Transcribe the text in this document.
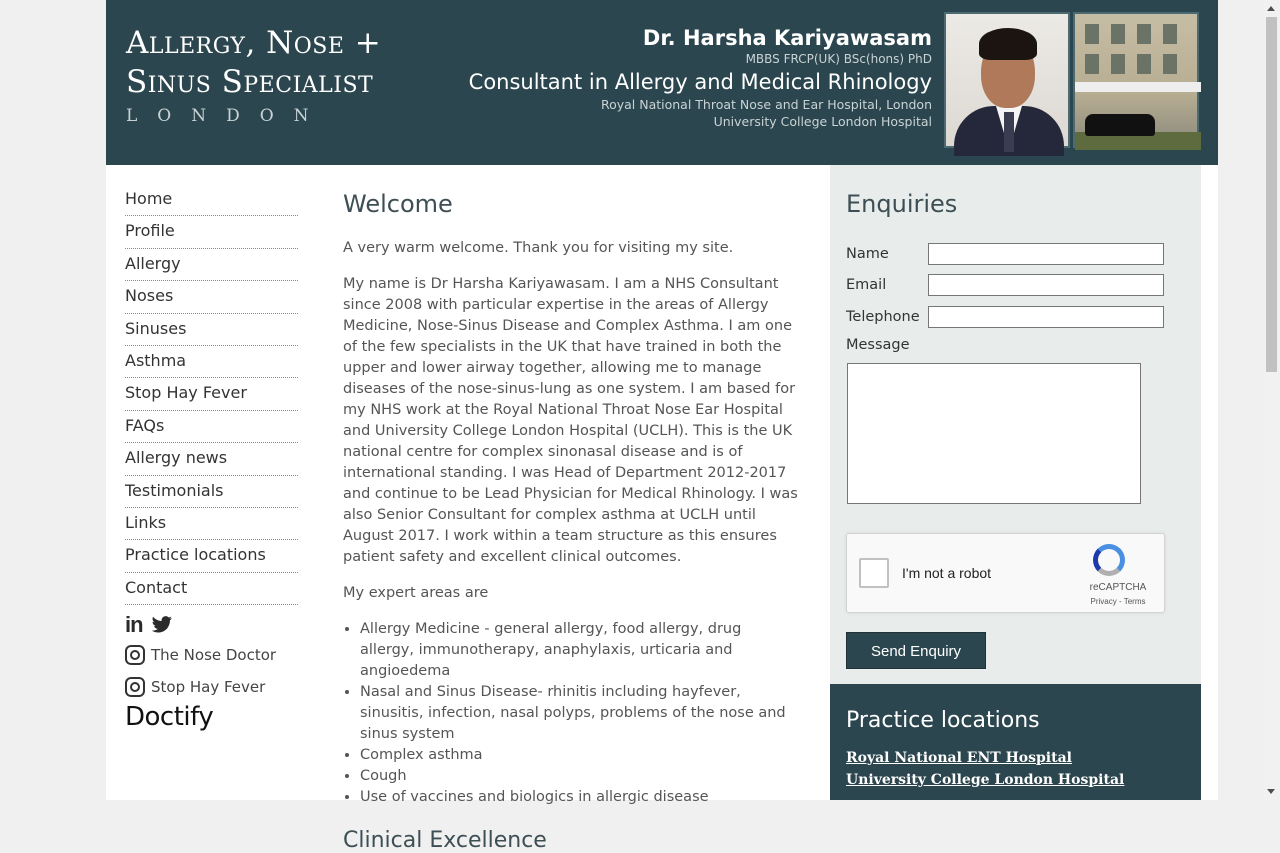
Allergy, Nose +
Sinus Specialist
LONDON
Dr. Harsha Kariyawasam
MBBS FRCP(UK) BSc(hons) PhD
Consultant in Allergy and Medical Rhinology
Royal National Throat Nose and Ear Hospital, London
University College London Hospital
Home
Profile
Allergy
Noses
Sinuses
Asthma
Stop Hay Fever
FAQs
Allergy news
Testimonials
Links
Practice locations
Contact
in
The Nose Doctor
Stop Hay Fever
Doctify
Welcome

A very warm welcome. Thank you for visiting my site.

My name is Dr Harsha Kariyawasam. I am a NHS Consultant since 2008 with particular expertise in the areas of Allergy Medicine, Nose-Sinus Disease and Complex Asthma. I am one of the few specialists in the UK that have trained in both the upper and lower airway together, allowing me to manage diseases of the nose-sinus-lung as one system. I am based for my NHS work at the Royal National Throat Nose Ear Hospital and University College London Hospital (UCLH). This is the UK national centre for complex sinonasal disease and is of international standing. I was Head of Department 2012-2017 and continue to be Lead Physician for Medical Rhinology. I was also Senior Consultant for complex asthma at UCLH until August 2017. I work within a team structure as this ensures patient safety and excellent clinical outcomes.

My expert areas are

• Allergy Medicine - general allergy, food allergy, drug allergy, immunotherapy, anaphylaxis, urticaria and angioedema
• Nasal and Sinus Disease- rhinitis including hayfever, sinusitis, infection, nasal polyps, problems of the nose and sinus system
• Complex asthma
• Cough
• Use of vaccines and biologics in allergic disease
Clinical Excellence
Enquiries
Name
Email
Telephone
Message
I'm not a robot
reCAPTCHA
Privacy - Terms
Send Enquiry
Practice locations
Royal National ENT Hospital
University College London Hospital
